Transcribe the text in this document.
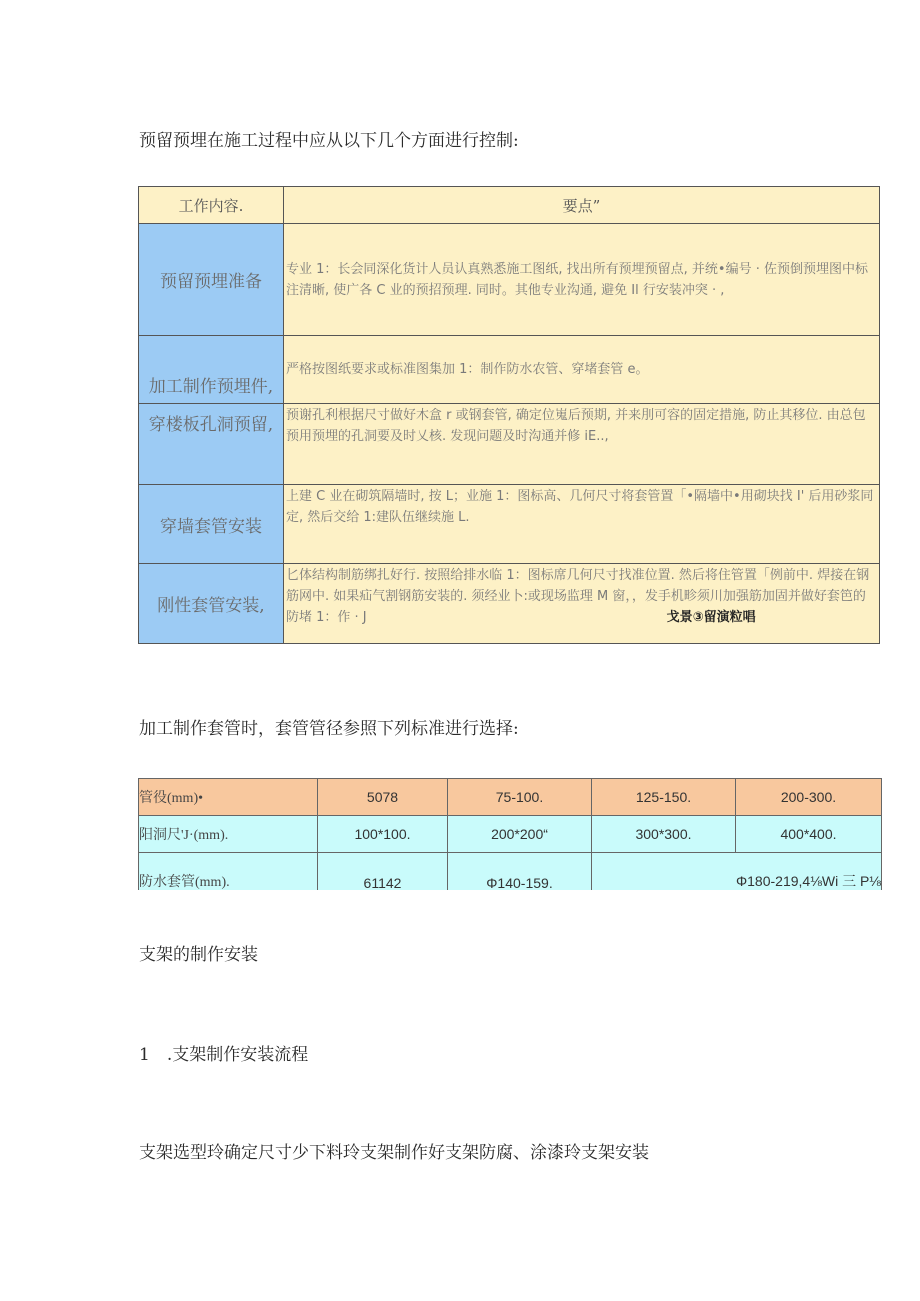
预留预埋在施工过程中应从以下几个方面进行控制:
工作内容.	要点”
预留预埋准备	专业 1：长会同深化货计人员认真熟悉施工图纸, 找出所有预埋预留点, 并统•编号 · 佐预倒预埋图中标注清晰, 使广各 C 业的预招预理. 同时。其他专业沟通, 避免 Il 行安装冲突 · ,
加工制作预埋件,	严格按图纸要求或标准图集加 1：制作防水农管、穿堵套管 e。
穿楼板孔洞预留,	预谢孔利根据尺寸做好木盒 r 或钢套管, 确定位嵬后预期, 并来刖可容的固定措施, 防止其移位. 由总包预用预埋的孔洞要及时乂核. 发现问题及时沟通并修 iE..,
穿墙套管安装	上建 C 业在砌筑隔墙时, 按 L；业施 1：图标高、几何尺寸将套管置「•隔墙中•用砌块找 I' 后用砂浆同定, 然后交给 1:建队伍继续施 L.
刚性套管安装,	匕体结构制筋绑扎好行. 按照给排水临 1：图标席几何尺寸找准位置. 然后将住管置「例前中. 焊接在钢筋网中. 如果疝气割钢筋安装的. 须经业卜:或现场监理 M 窗，，发手机畛须川加强筋加固并做好套笆的防堵 1：作 · J 戈景③留演粒唱
加工制作套管时，套管管径参照下列标准进行选择:
管役(mm)•	5078	75-100.	125-150.	200-300.
阳洞尺'J·(mm).	100*100.	200*200“	300*300.	400*400.
防水套管(mm).	61142	Φ140-159.	Φ180-219,4⅛Wi 三 P⅛	
支架的制作安装
1　.支架制作安装流程
支架选型玲确定尺寸少下料玲支架制作好支架防腐、涂漆玲支架安装
